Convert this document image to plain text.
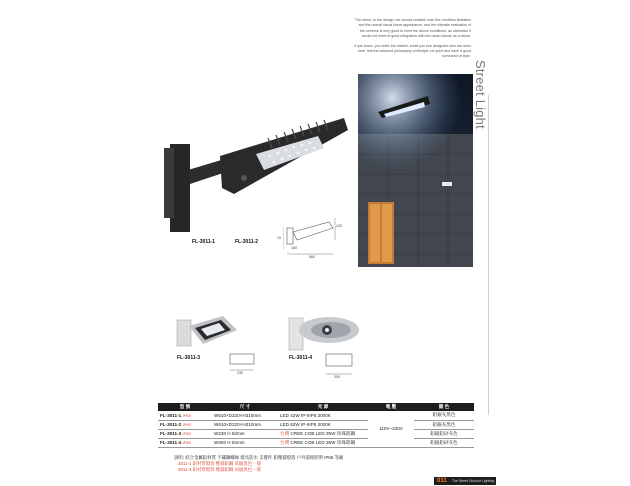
The street, to the design, we should consider both the condition limitation and the overall visual linear appearance, and the ultimate evaluation of the scheme is very good to meet the above conditions, as otherwise it would not meet of good integration with the urban blocks as a whole.

If you leave, you enter the market, could you see designers who are seen here, this the subdued philosophy of lifestyle, be quiet and have a good command of style.

Street Light
FL-3011-1	FL-3011-2
560
120
10
180
FL-3011-3
230
FL-3011-4
300
型 號	尺 寸	光 源	電 壓	顏 色
FL-3011-1 IP65	W610×D220×H310mm	LED 42W IP-IIIP5 3000K	110V~220V	鋁銀灰黑色
FL-3011-2 IP65	W610×D220×H310mm	LED 62W IP-IIIP5 3000K		鋁銀灰黑色
FL-3011-3 IP65	W230 H 63mm	台灣 CREE COB LED 35W 珍珠鋁鋼		鋁銀鋁砂灰色
FL-3011-4 IP65	W300 H 63mm	台灣 CREE COB LED 35W 珍珠鋁鋼		鋁銀鋁砂灰色
說明: 結合金屬鋁材質 不鏽鋼螺絲 燈具防水 支撐件 鋁壓鑄燈殼 戶外道路照明 IP65 等級
3011-1 鋁材質燈殼 壓鑄鋁鋼 高級黑色一層
3011-3 鋁材質燈殼 壓鑄鋁鋼 高級黑色一層
011 The Street Outdoor Lighting
